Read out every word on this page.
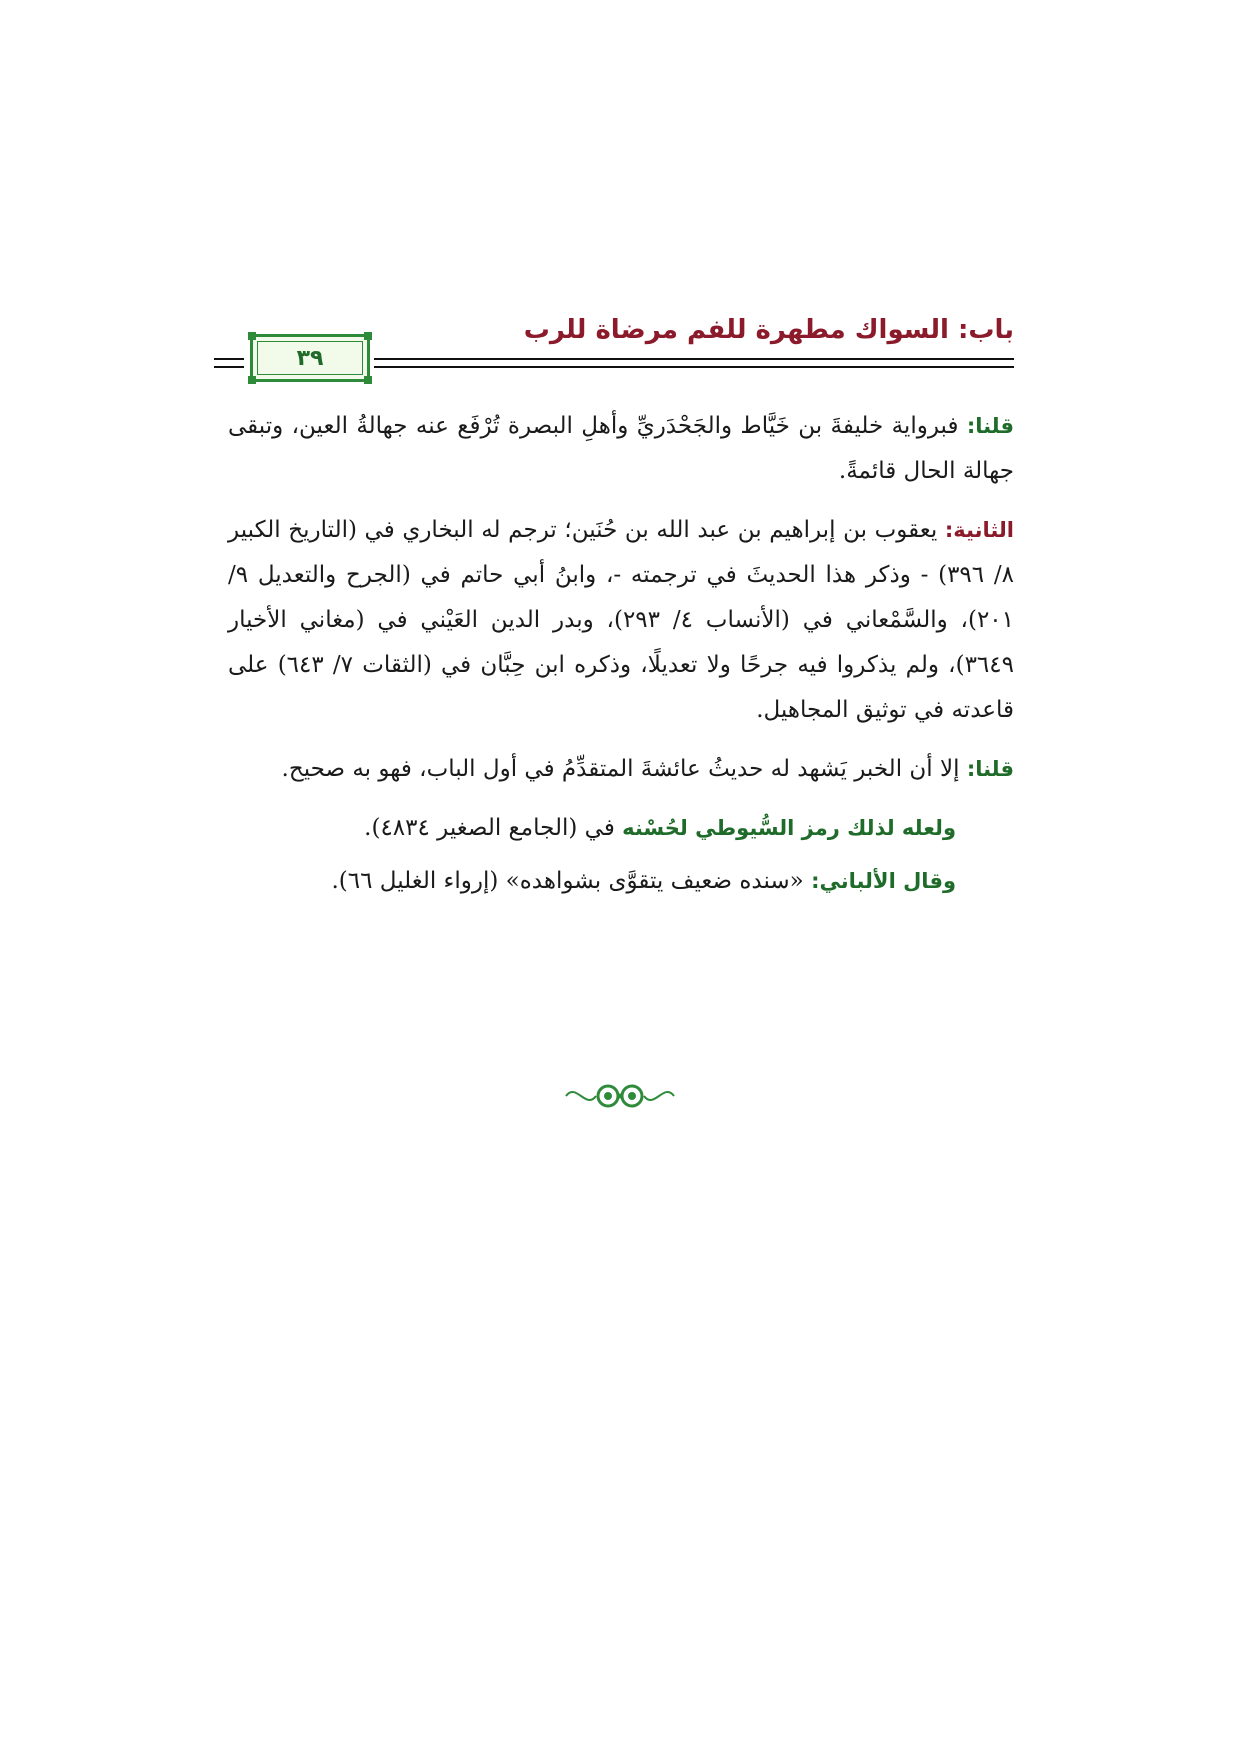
باب: السواك مطهرة للفم مرضاة للرب
٣٩

قلنا: فبرواية خليفةَ بن خَيَّاط والجَحْدَريِّ وأهلِ البصرة تُرْفَع عنه جهالةُ العين، وتبقى جهالة الحال قائمةً.

الثانية: يعقوب بن إبراهيم بن عبد الله بن حُنَين؛ ترجم له البخاري في (التاريخ الكبير ٨/ ٣٩٦) - وذكر هذا الحديثَ في ترجمته -، وابنُ أبي حاتم في (الجرح والتعديل ٩/ ٢٠١)، والسَّمْعاني في (الأنساب ٤/ ٢٩٣)، وبدر الدين العَيْني في (مغاني الأخيار ٣٦٤٩)، ولم يذكروا فيه جرحًا ولا تعديلًا، وذكره ابن حِبَّان في (الثقات ٧/ ٦٤٣) على قاعدته في توثيق المجاهيل.

قلنا: إلا أن الخبر يَشهد له حديثُ عائشةَ المتقدِّمُ في أول الباب، فهو به صحيح.

ولعله لذلك رمز السُّيوطي لحُسْنه في (الجامع الصغير ٤٨٣٤).

وقال الألباني: «سنده ضعيف يتقوَّى بشواهده» (إرواء الغليل ٦٦).
